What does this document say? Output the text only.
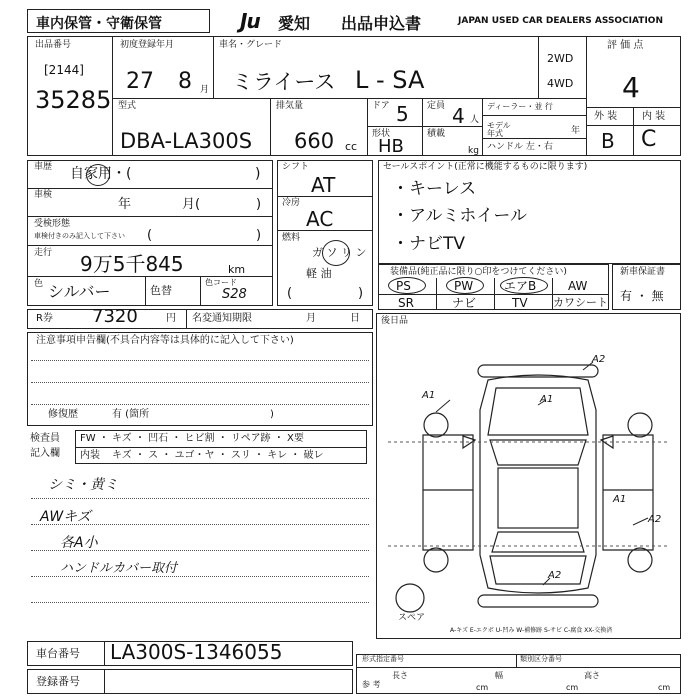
車内保管・守衛保管	Ju 愛知 出品申込書	JAPAN USED CAR DEALERS ASSOCIATION
出品番号
[2144]
35285
初度登録年月
27 8 月
車名・グレード
ミライース L - SA
2WD
4WD
評 価 点
4
型式
DBA-LA300S
排気量
660 cc
ドア 5
形状
HB
定員 4 人
積載
kg
ディーラー・並 行
モデル 年式	年
ハンドル 左・右
外 装 内 装
B C
車歴 自家用・(	)
車検
年	月(	)
受検形態
車検付きのみ記入して下さい (	)
走行 9万5千845	km
色 シルバー	色替
色コード
S28
シフト
AT
冷房
AC
燃料
ガ ソ リ ン
軽 油
(	)
セールスポイント(正常に機能するものに限ります)
・キーレス
・アルミホイール
・ナビTV
装備品(純正品に限り○印をつけてください)
PS	PW	エアB	AW
SR	ナビ	TV カワシート
新車保証書
有 ・ 無
R券 7320	円 名変通知期限	月	日
注意事項申告欄(不具合内容等は具体的に記入して下さい)
修復歴	有 (箇所	)
後日品
検査員
記入欄
FW ・ キズ ・ 凹石 ・ ヒビ割 ・ リペア跡 ・ X要
内装 キズ ・ ス ・ ユゴ・ヤ ・ スリ ・ キレ ・ 破レ
シミ・黄ミ
AWキズ
各A小
ハンドルカバー取付
A1	A1
A2
A2
A2
A1
スペア
A-キズ E-エクボ U-凹み W-補修跡 S-サビ C-腐食 XX-交換済
車台番号 LA300S-1346055
登録番号
形式指定番号	類別区分番号
参 考
長さ
cm
幅
cm
高さ
cm
